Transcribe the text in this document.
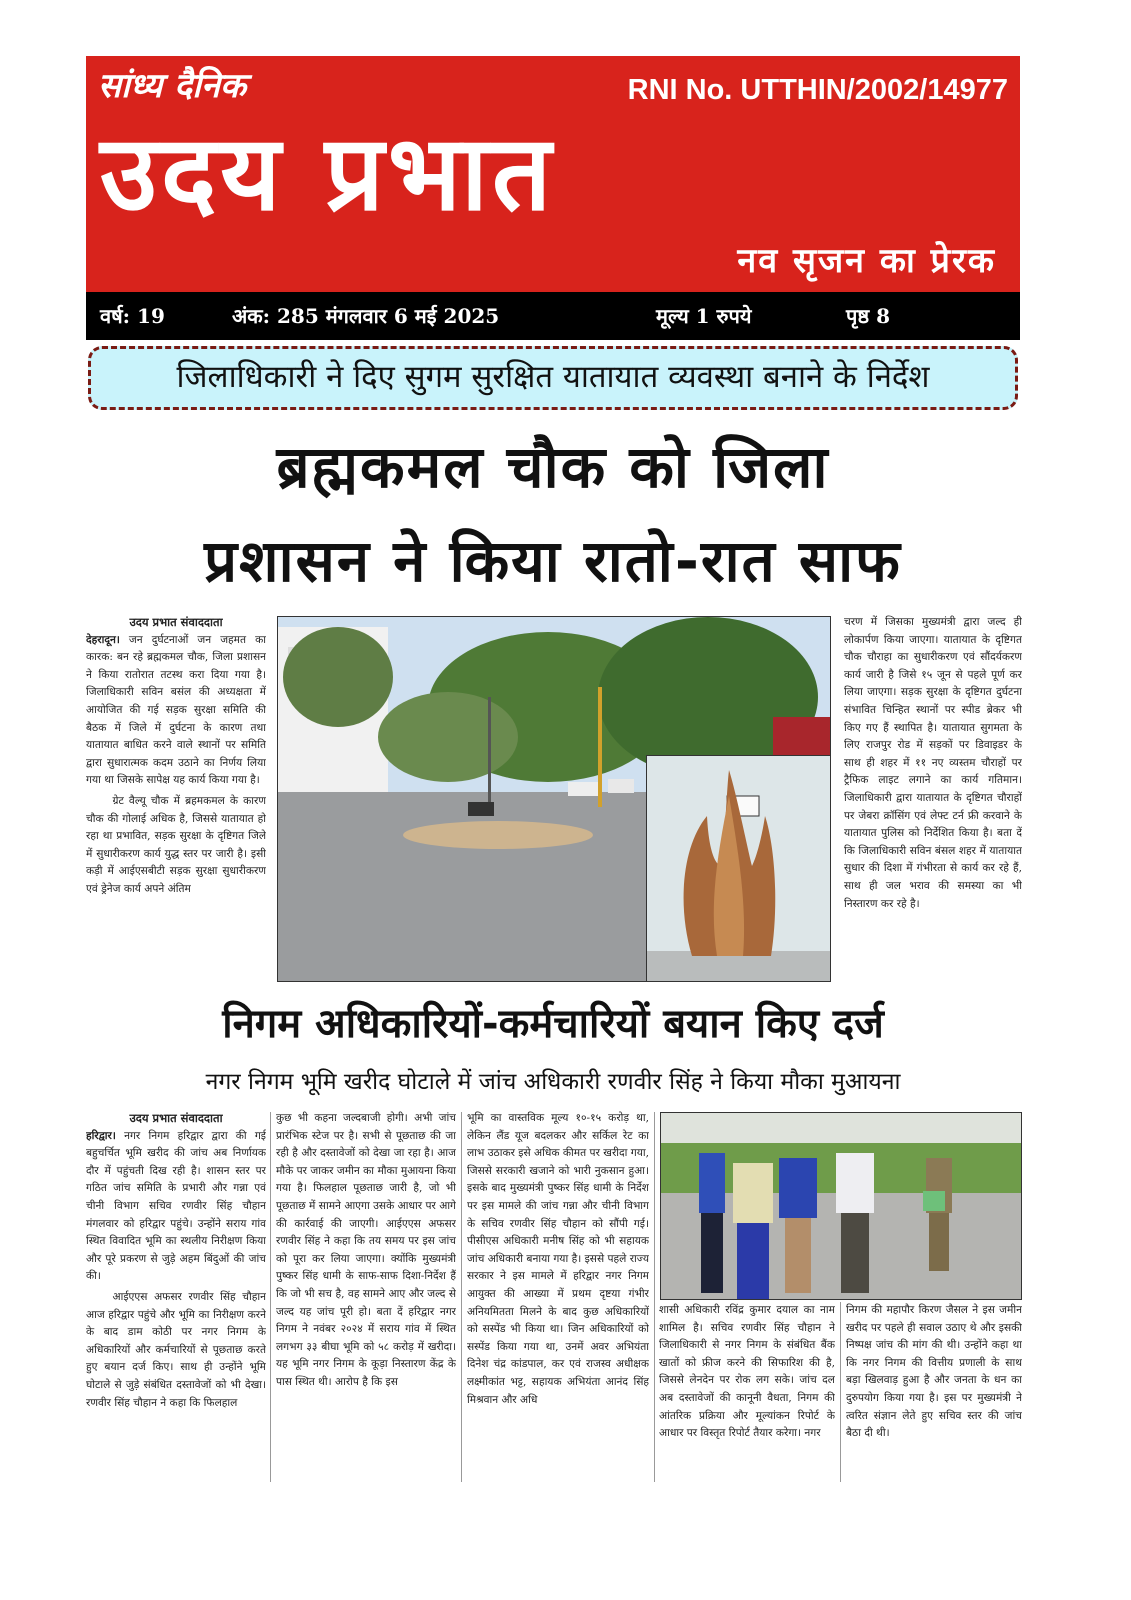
सांध्य दैनिक	RNI No. UTTHIN/2002/14977
उदय प्रभात
नव सृजन का प्रेरक
वर्ष: 19	अंक: 285 मंगलवार 6 मई 2025	मूल्य 1 रुपये	पृष्ठ 8
जिलाधिकारी ने दिए सुगम सुरक्षित यातायात व्यवस्था बनाने के निर्देश
ब्रह्मकमल चौक को जिला
प्रशासन ने किया रातो-रात साफ
उदय प्रभात संवाददाता

देहरादून। जन दुर्घटनाओं जन जहमत का कारक: बन रहे ब्रह्मकमल चौक, जिला प्रशासन ने किया रातोरात तटस्थ करा दिया गया है। जिलाधिकारी सविन बसंल की अध्यक्षता में आयोजित की गई सड़क सुरक्षा समिति की बैठक में जिले में दुर्घटना के कारण तथा यातायात बाधित करने वाले स्थानों पर समिति द्वारा सुधारात्मक कदम उठाने का निर्णय लिया गया था जिसके सापेक्ष यह कार्य किया गया है।

ग्रेट वैल्यू चौक में ब्रहमकमल के कारण चौक की गोलाई अधिक है, जिससे यातायात हो रहा था प्रभावित, सड़क सुरक्षा के दृष्टिगत जिले में सुधारीकरण कार्य युद्ध स्तर पर जारी है। इसी कड़ी में आईएसबीटी सड़क सुरक्षा सुधारीकरण एवं ड्रेनेज कार्य अपने अंतिम

चरण में जिसका मुख्यमंत्री द्वारा जल्द ही लोकार्पण किया जाएगा। यातायात के दृष्टिगत चौक चौराहा का सुधारीकरण एवं सौंदर्यकरण कार्य जारी है जिसे १५ जून से पहले पूर्ण कर लिया जाएगा। सड़क सुरक्षा के दृष्टिगत दुर्घटना संभावित चिन्हित स्थानों पर स्पीड ब्रेकर भी किए गए हैं स्थापित है। यातायात सुगमता के लिए राजपुर रोड में सड़कों पर डिवाइडर के साथ ही शहर में ११ नए व्यस्तम चौराहों पर ट्रैफिक लाइट लगाने का कार्य गतिमान। जिलाधिकारी द्वारा यातायात के दृष्टिगत चौराहों पर जेबरा क्रॉसिंग एवं लेफ्ट टर्न फ्री करवाने के यातायात पुलिस को निर्देशित किया है। बता दें कि जिलाधिकारी सविन बंसल शहर में यातायात सुधार की दिशा में गंभीरता से कार्य कर रहे हैं, साथ ही जल भराव की समस्या का भी निस्तारण कर रहे है।

निगम अधिकारियों-कर्मचारियों बयान किए दर्ज
नगर निगम भूमि खरीद घोटाले में जांच अधिकारी रणवीर सिंह ने किया मौका मुआयना
उदय प्रभात संवाददाता

हरिद्वार। नगर निगम हरिद्वार द्वारा की गई बहुचर्चित भूमि खरीद की जांच अब निर्णायक दौर में पहुंचती दिख रही है। शासन स्तर पर गठित जांच समिति के प्रभारी और गन्ना एवं चीनी विभाग सचिव रणवीर सिंह चौहान मंगलवार को हरिद्वार पहुंचे। उन्होंने सराय गांव स्थित विवादित भूमि का स्थलीय निरीक्षण किया और पूरे प्रकरण से जुड़े अहम बिंदुओं की जांच की।

आईएएस अफसर रणवीर सिंह चौहान आज हरिद्वार पहुंचे और भूमि का निरीक्षण करने के बाद डाम कोठी पर नगर निगम के अधिकारियों और कर्मचारियों से पूछताछ करते हुए बयान दर्ज किए। साथ ही उन्होंने भूमि घोटाले से जुड़े संबंधित दस्तावेजों को भी देखा। रणवीर सिंह चौहान ने कहा कि फिलहाल

कुछ भी कहना जल्दबाजी होगी। अभी जांच प्रारंभिक स्टेज पर है। सभी से पूछताछ की जा रही है और दस्तावेजों को देखा जा रहा है। आज मौके पर जाकर जमीन का मौका मुआयना किया गया है। फिलहाल पूछताछ जारी है, जो भी पूछताछ में सामने आएगा उसके आधार पर आगे की कार्रवाई की जाएगी। आईएएस अफसर रणवीर सिंह ने कहा कि तय समय पर इस जांच को पूरा कर लिया जाएगा। क्योंकि मुख्यमंत्री पुष्कर सिंह धामी के साफ-साफ दिशा-निर्देश हैं कि जो भी सच है, वह सामने आए और जल्द से जल्द यह जांच पूरी हो। बता दें हरिद्वार नगर निगम ने नवंबर २०२४ में सराय गांव में स्थित लगभग ३३ बीघा भूमि को ५८ करोड़ में खरीदा। यह भूमि नगर निगम के कूड़ा निस्तारण केंद्र के पास स्थित थी। आरोप है कि इस

भूमि का वास्तविक मूल्य १०-१५ करोड़ था, लेकिन लैंड यूज बदलकर और सर्किल रेट का लाभ उठाकर इसे अधिक कीमत पर खरीदा गया, जिससे सरकारी खजाने को भारी नुकसान हुआ। इसके बाद मुख्यमंत्री पुष्कर सिंह धामी के निर्देश पर इस मामले की जांच गन्ना और चीनी विभाग के सचिव रणवीर सिंह चौहान को सौंपी गई। पीसीएस अधिकारी मनीष सिंह को भी सहायक जांच अधिकारी बनाया गया है। इससे पहले राज्य सरकार ने इस मामले में हरिद्वार नगर निगम आयुक्त की आख्या में प्रथम दृष्टया गंभीर अनियमितता मिलने के बाद कुछ अधिकारियों को सस्पेंड भी किया था। जिन अधिकारियों को सस्पेंड किया गया था, उनमें अवर अभियंता दिनेश चंद्र कांडपाल, कर एवं राजस्व अधीक्षक लक्ष्मीकांत भट्ट, सहायक अभियंता आनंद सिंह मिश्रवान और अधि

शासी अधिकारी रविंद्र कुमार दयाल का नाम शामिल है। सचिव रणवीर सिंह चौहान ने जिलाधिकारी से नगर निगम के संबंधित बैंक खातों को फ्रीज करने की सिफारिश की है, जिससे लेनदेन पर रोक लग सके। जांच दल अब दस्तावेजों की कानूनी वैधता, निगम की आंतरिक प्रक्रिया और मूल्यांकन रिपोर्ट के आधार पर विस्तृत रिपोर्ट तैयार करेगा। नगर

निगम की महापौर किरण जैसल ने इस जमीन खरीद पर पहले ही सवाल उठाए थे और इसकी निष्पक्ष जांच की मांग की थी। उन्होंने कहा था कि नगर निगम की वित्तीय प्रणाली के साथ बड़ा खिलवाड़ हुआ है और जनता के धन का दुरुपयोग किया गया है। इस पर मुख्यमंत्री ने त्वरित संज्ञान लेते हुए सचिव स्तर की जांच बैठा दी थी।
